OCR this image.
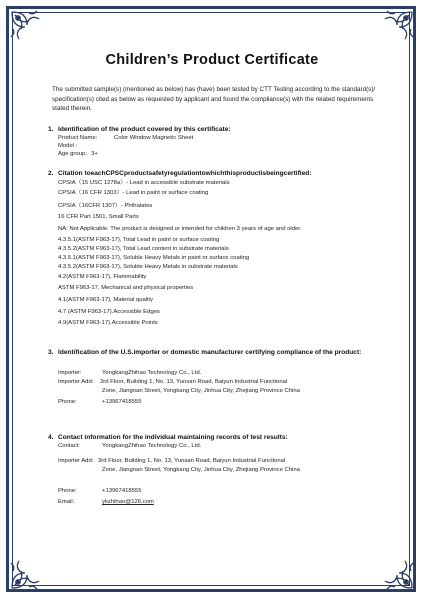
Children’s Product Certificate
The submitted sample(s) (mentioned as below) has (have) been tested by CTT Testing according to the standard(s)/ specification(s) cited as below as requested by applicant and found the compliance(s) with the related requirements stated therein.
1. Identification of the product covered by this certificate:
Product Name:	Color Window Magnetic Sheet
Model :
Age group：3+
2. Citation toeachCPSCproductsafetyregulationtowhichthisproductisbeingcertified:
CPSIA（15 USC 1278a）- Lead in accessible substrate materials
CPSIA（16 CFR 1303）- Lead in paint or surface coating
CPSIA（16CFR 1307）- Phthalates
16 CFR Part 1501, Small Parts
NA: Not Applicable. The product is designed or intended for children 3 years of age and older.
4.3.5.1(ASTM F963-17), Total Lead in paint or surface coating
4.3.5.2(ASTM F963-17), Total Lead content in substrate materials
4.3.5.1(ASTM F963-17), Soluble Heavy Metals in paint or surface coating
4.3.5.2(ASTM F963-17), Soluble Heavy Metals in substrate materials
4.2(ASTM F963-17), Flammability
ASTM F963-17, Mechanical and physical properties
4.1(ASTM F963-17), Material quality
4.7 (ASTM F963-17).Accessible Edges
4.9(ASTM F963-17).Accessible Points
3. Identification of the U.S.importer or domestic manufacturer certifying compliance of the product:
Importer:	YongkangZhihao Technology Co., Ltd.
Importer Add: 3rd Floor, Building 1, No. 13, Yunsan Road, Baiyun Industrial Functional
Zone, Jiangnan Street, Yongkang City, Jinhua City, Zhejiang Province China
Phone:	+13967418555
4. Contact information for the individual maintaining records of test results:
Contact:	YongkangZhihao Technology Co., Ltd.
Importer Add: 3rd Floor, Building 1, No. 13, Yunsan Road, Baiyun Industrial Functional
Zone, Jiangnan Street, Yongkang City, Jinhua City, Zhejiang Province China
Phone:	+13967418555
Email：	ykzhihao@126.com
